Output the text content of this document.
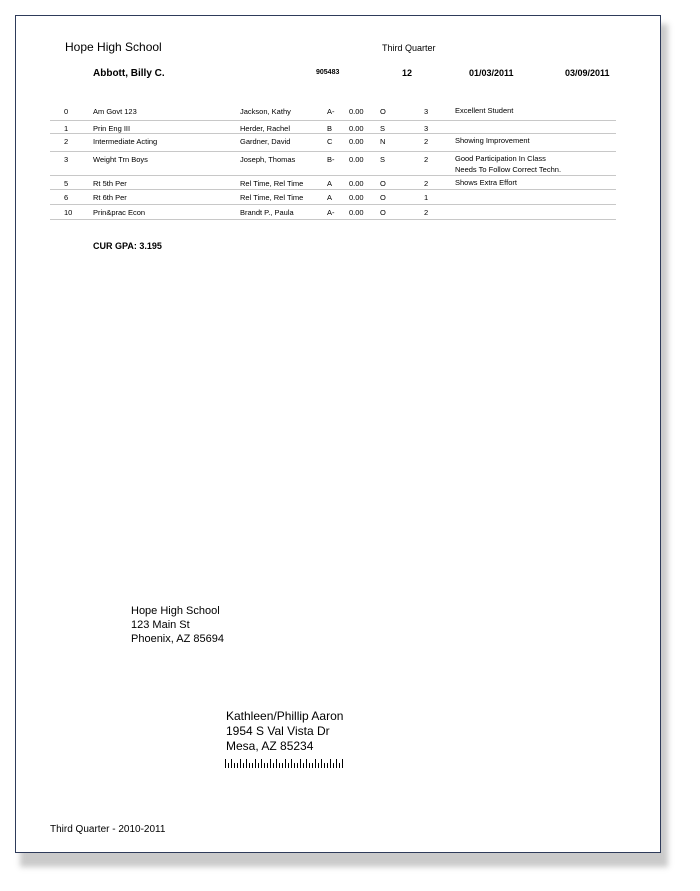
Hope High School	Third Quarter
Abbott, Billy C.	905483	12	01/03/2011	03/09/2011
0	Am Govt 123	Jackson, Kathy	A- 0.00 O	3	Excellent Student
1	Prin Eng III	Herder, Rachel	B 0.00 S	3
2	Intermediate Acting	Gardner, David	C 0.00 N	2	Showing Improvement
3	Weight Trn Boys	Joseph, Thomas	B- 0.00 S	2	Good Participation In Class
Needs To Follow Correct Techn.
5	Rt 5th Per	Rel Time, Rel Time	A 0.00 O	2	Shows Extra Effort
6	Rt 6th Per	Rel Time, Rel Time	A 0.00 O	1
10	Prin&prac Econ	Brandt P., Paula	A- 0.00 O	2
CUR GPA: 3.195
Hope High School
123 Main St
Phoenix, AZ 85694
Kathleen/Phillip Aaron
1954 S Val Vista Dr
Mesa, AZ 85234
Third Quarter - 2010-2011
